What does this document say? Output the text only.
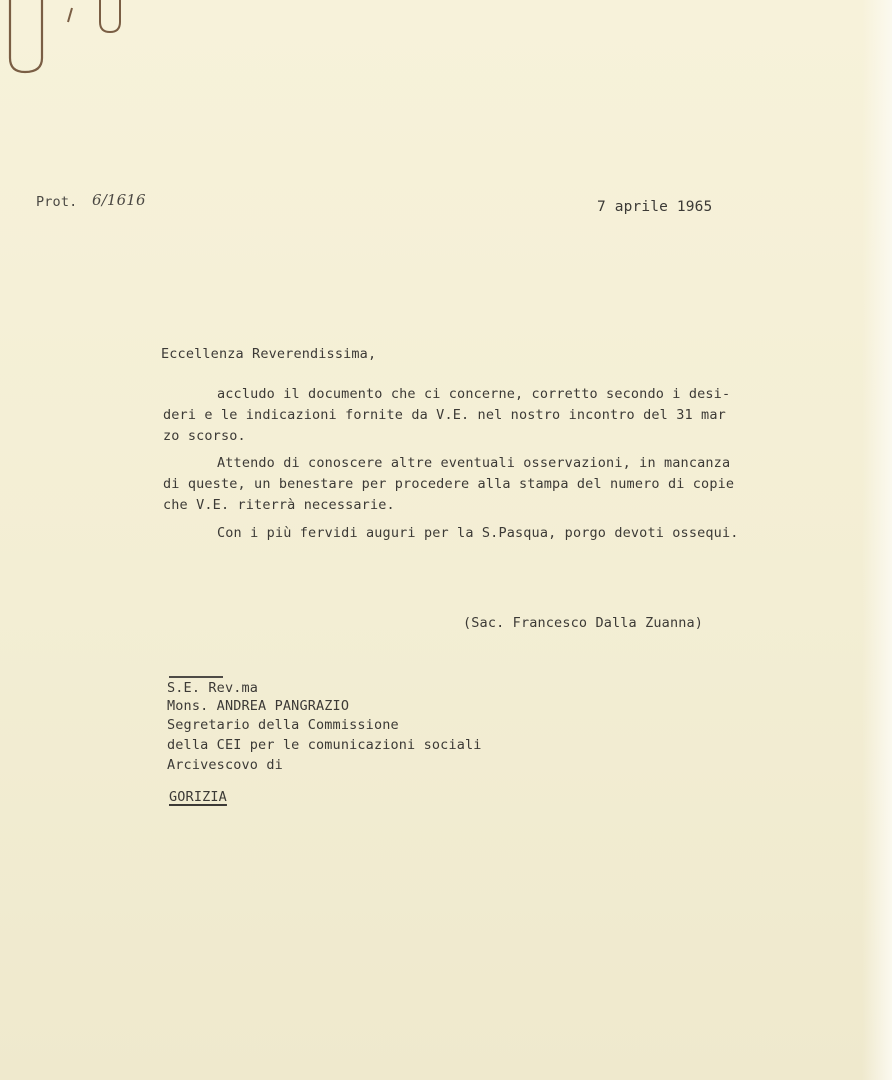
Prot. 6/1616	7 aprile 1965
Eccellenza Reverendissima,
accludo il documento che ci concerne, corretto secondo i desi-
deri e le indicazioni fornite da V.E. nel nostro incontro del 31 mar
zo scorso.
Attendo di conoscere altre eventuali osservazioni, in mancanza
di queste, un benestare per procedere alla stampa del numero di copie
che V.E. riterrà necessarie.
Con i più fervidi auguri per la S.Pasqua, porgo devoti ossequi.
(Sac. Francesco Dalla Zuanna)
S.E. Rev.ma
Mons. ANDREA PANGRAZIO
Segretario della Commissione
della CEI per le comunicazioni sociali
Arcivescovo di
GORIZIA
